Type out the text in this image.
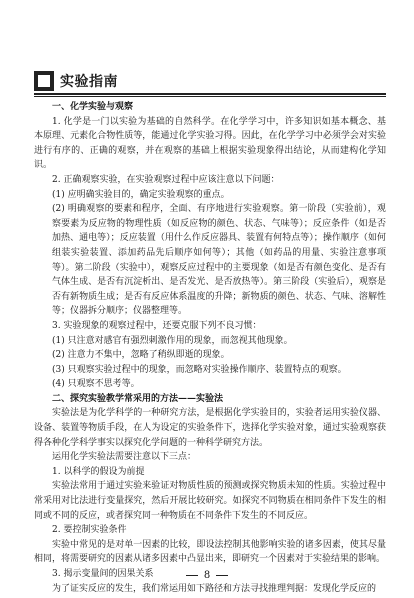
实验指南

一、化学实验与观察

1. 化学是一门以实验为基础的自然科学。在化学学习中，许多知识如基本概念、基本原理、元素化合物性质等，能通过化学实验习得。因此，在化学学习中必须学会对实验进行有序的、正确的观察，并在观察的基础上根据实验现象得出结论，从而建构化学知识。

2. 正确观察实验，在实验观察过程中应该注意以下问题：

(1) 应明确实验目的，确定实验观察的重点。

(2) 明确观察的要素和程序，全面、有序地进行实验观察。第一阶段（实验前），观察要素为反应物的物理性质（如反应物的颜色、状态、气味等）；反应条件（如是否加热、通电等）；反应装置（用什么作反应器具、装置有何特点等）；操作顺序（如何组装实验装置、添加药品先后顺序如何等）；其他（如药品的用量、实验注意事项等）。第二阶段（实验中），观察反应过程中的主要现象（如是否有颜色变化、是否有气体生成、是否有沉淀析出、是否发光、是否放热等）。第三阶段（实验后），观察是否有新物质生成；是否有反应体系温度的升降；新物质的颜色、状态、气味、溶解性等；仪器拆分顺序；仪器整理等。

3. 实验现象的观察过程中，还要克服下列不良习惯：

(1) 只注意对感官有强烈刺激作用的现象，而忽视其他现象。

(2) 注意力不集中，忽略了稍纵即逝的现象。

(3) 只观察实验过程中的现象，而忽略对实验操作顺序、装置特点的观察。

(4) 只观察不思考等。

二、探究实验教学常采用的方法——实验法

实验法是为化学科学的一种研究方法，是根据化学实验目的，实验者运用实验仪器、设备、装置等物质手段，在人为设定的实验条件下，选择化学实验对象，通过实验观察获得各种化学科学事实以探究化学问题的一种科学研究方法。

运用化学实验法需要注意以下三点：

1. 以科学的假设为前提

实验法常用于通过实验来验证对物质性质的预测或探究物质未知的性质。实验过程中常采用对比法进行变量探究，然后开展比较研究。如探究不同物质在相同条件下发生的相同或不同的反应，或者探究同一种物质在不同条件下发生的不同反应。

2. 要控制实验条件

实验中常见的是对单一因素的比较，即设法控制其他影响实验的诸多因素，使其尽量相同，将需要研究的因素从诸多因素中凸显出来，即研究一个因素对于实验结果的影响。

3. 揭示变量间的因果关系

为了证实反应的发生，我们常运用如下路径和方法寻找推理判据：发现化学反应的

8
